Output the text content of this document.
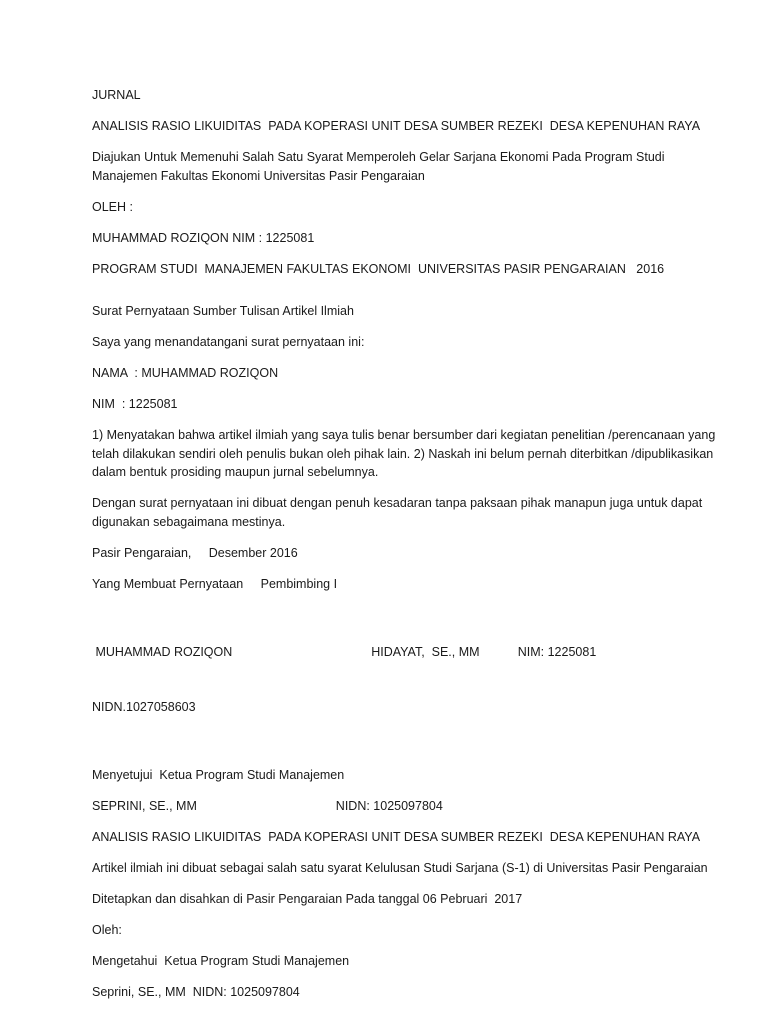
JURNAL

ANALISIS RASIO LIKUIDITAS  PADA KOPERASI UNIT DESA SUMBER REZEKI  DESA KEPENUHAN RAYA

Diajukan Untuk Memenuhi Salah Satu Syarat Memperoleh Gelar Sarjana Ekonomi Pada Program Studi Manajemen Fakultas Ekonomi Universitas Pasir Pengaraian

OLEH :

MUHAMMAD ROZIQON NIM : 1225081

PROGRAM STUDI  MANAJEMEN FAKULTAS EKONOMI  UNIVERSITAS PASIR PENGARAIAN   2016

Surat Pernyataan Sumber Tulisan Artikel Ilmiah

Saya yang menandatangani surat pernyataan ini:

NAMA  : MUHAMMAD ROZIQON

NIM  : 1225081

1) Menyatakan bahwa artikel ilmiah yang saya tulis benar bersumber dari kegiatan penelitian /perencanaan yang telah dilakukan sendiri oleh penulis bukan oleh pihak lain. 2) Naskah ini belum pernah diterbitkan /dipublikasikan dalam bentuk prosiding maupun jurnal sebelumnya.

Dengan surat pernyataan ini dibuat dengan penuh kesadaran tanpa paksaan pihak manapun juga untuk dapat digunakan sebagaimana mestinya.

Pasir Pengaraian,     Desember 2016

Yang Membuat Pernyataan     Pembimbing I

MUHAMMAD ROZIQON                                        HIDAYAT,  SE., MM           NIM: 1225081

NIDN.1027058603

Menyetujui  Ketua Program Studi Manajemen

SEPRINI, SE., MM                                        NIDN: 1025097804

ANALISIS RASIO LIKUIDITAS  PADA KOPERASI UNIT DESA SUMBER REZEKI  DESA KEPENUHAN RAYA

Artikel ilmiah ini dibuat sebagai salah satu syarat Kelulusan Studi Sarjana (S-1) di Universitas Pasir Pengaraian

Ditetapkan dan disahkan di Pasir Pengaraian Pada tanggal 06 Pebruari  2017

Oleh:

Mengetahui  Ketua Program Studi Manajemen

Seprini, SE., MM  NIDN: 1025097804
